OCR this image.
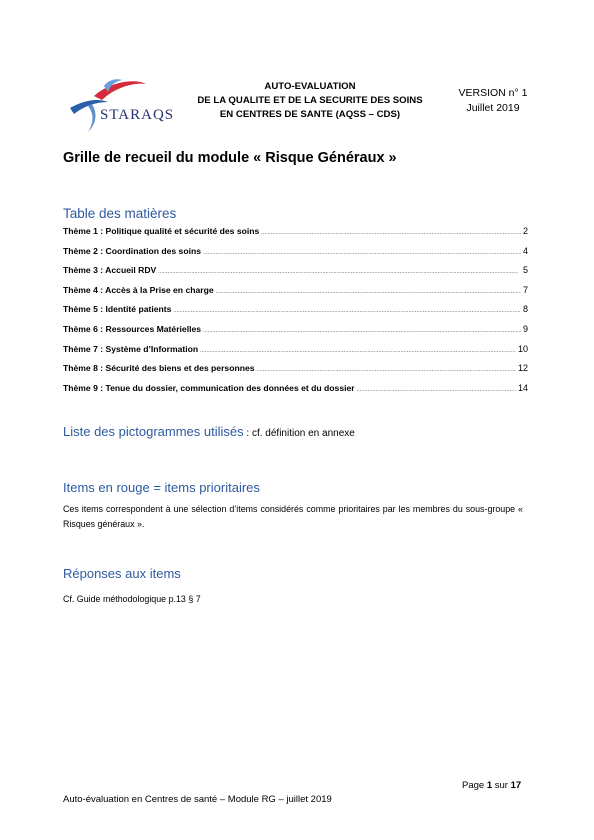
STARAQS
AUTO-EVALUATION
DE LA QUALITE ET DE LA SECURITE DES SOINS
EN CENTRES DE SANTE (AQSS – CDS)
VERSION n° 1
Juillet 2019
Grille de recueil du module « Risque Généraux »
Table des matières
Thème 1 : Politique qualité et sécurité des soins . . .	2
Thème 2 : Coordination des soins . . .	4
Thème 3 : Accueil RDV . . .	5
Thème 4 : Accès à la Prise en charge . . .	7
Thème 5 : Identité patients . . .	8
Thème 6 : Ressources Matérielles . . .	9
Thème 7 : Système d’Information . . .	10
Thème 8 : Sécurité des biens et des personnes . . .	12
Thème 9 : Tenue du dossier, communication des données et du dossier . . .	14
Liste des pictogrammes utilisés : cf. définition en annexe
Items en rouge = items prioritaires
Ces items correspondent à une sélection d’items considérés comme prioritaires par les membres du sous-groupe « Risques généraux ».
Réponses aux items
Cf. Guide méthodologique p.13 § 7
Page 1 sur 17
Auto-évaluation en Centres de santé – Module RG – juillet 2019
